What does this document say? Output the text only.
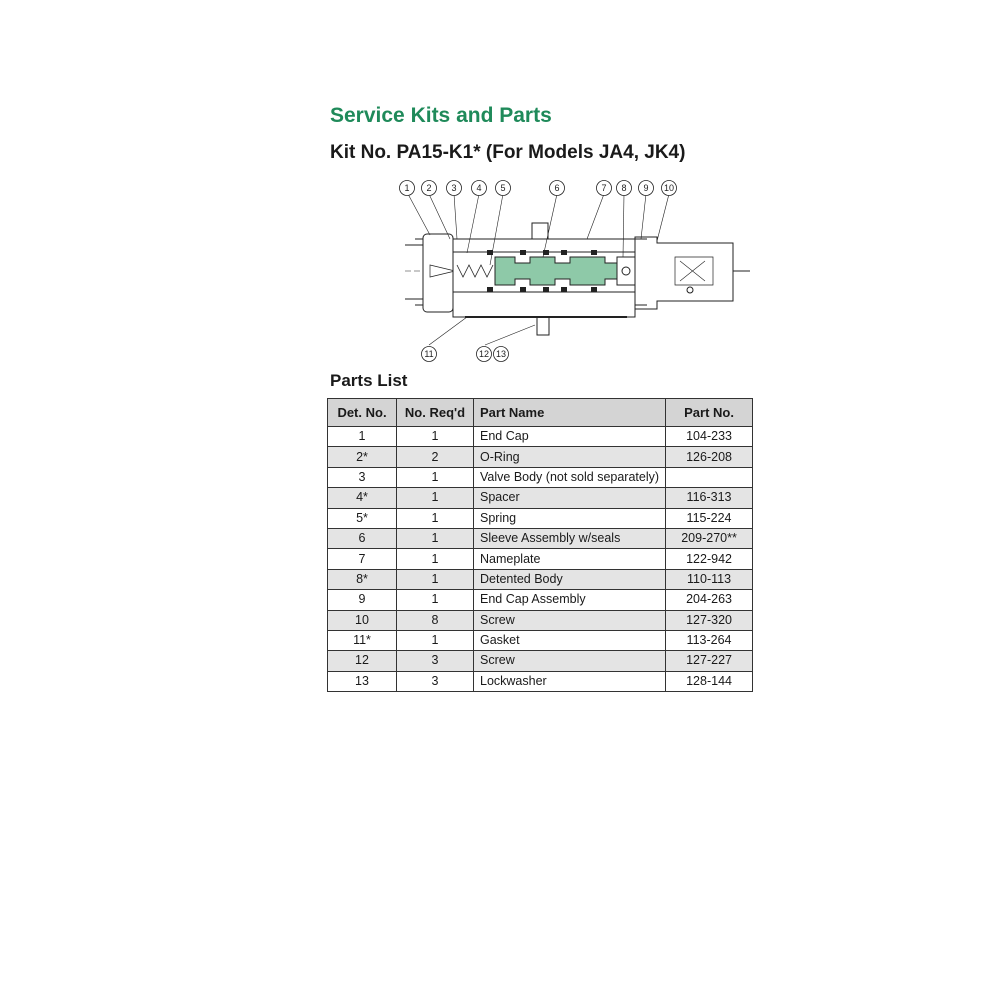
Service Kits and Parts
Kit No. PA15-K1* (For Models JA4, JK4)
1 2 3 4 5	6	7 8 9 10
11	12 13
Parts List
Det. No.	No. Req'd	Part Name	Part No.
1	1	End Cap	104-233
2*	2	O-Ring	126-208
3	1	Valve Body (not sold separately)	
4*	1	Spacer	116-313
5*	1	Spring	115-224
6	1	Sleeve Assembly w/seals	209-270**
7	1	Nameplate	122-942
8*	1	Detented Body	110-113
9	1	End Cap Assembly	204-263
10	8	Screw	127-320
11*	1	Gasket	113-264
12	3	Screw	127-227
13	3	Lockwasher	128-144
